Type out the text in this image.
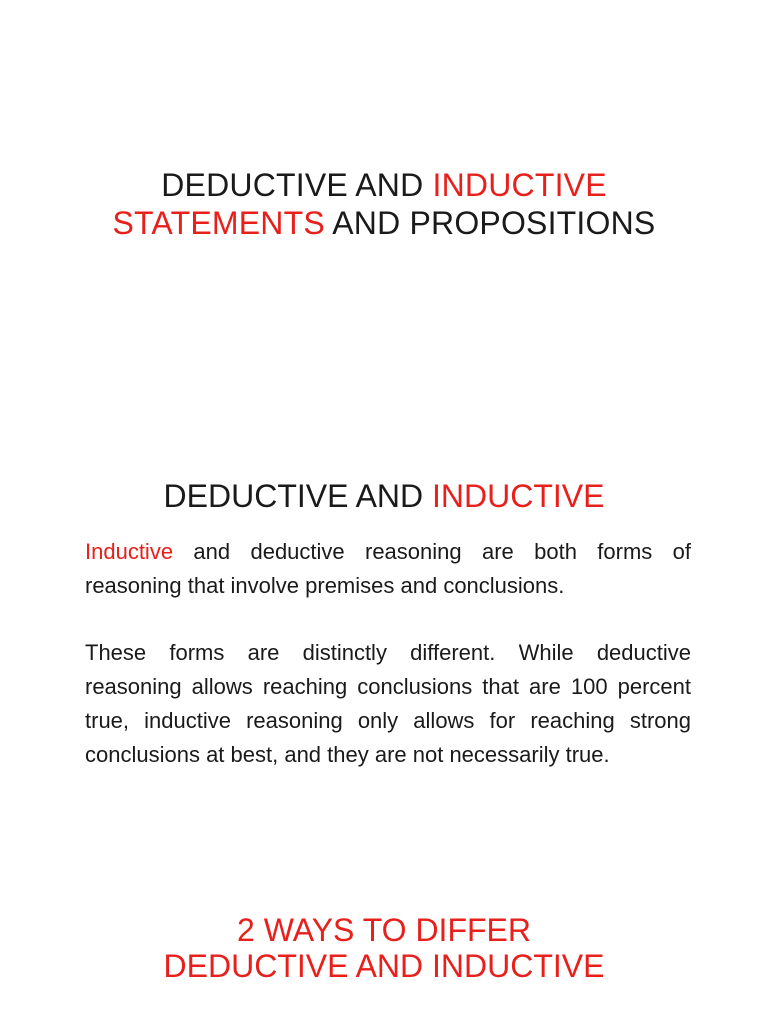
DEDUCTIVE AND INDUCTIVE
STATEMENTS AND PROPOSITIONS
DEDUCTIVE AND INDUCTIVE

Inductive and deductive reasoning are both forms of reasoning that involve premises and conclusions.

These forms are distinctly different. While deductive reasoning allows reaching conclusions that are 100 percent true, inductive reasoning only allows for reaching strong conclusions at best, and they are not necessarily true.

2 WAYS TO DIFFER
DEDUCTIVE AND INDUCTIVE
